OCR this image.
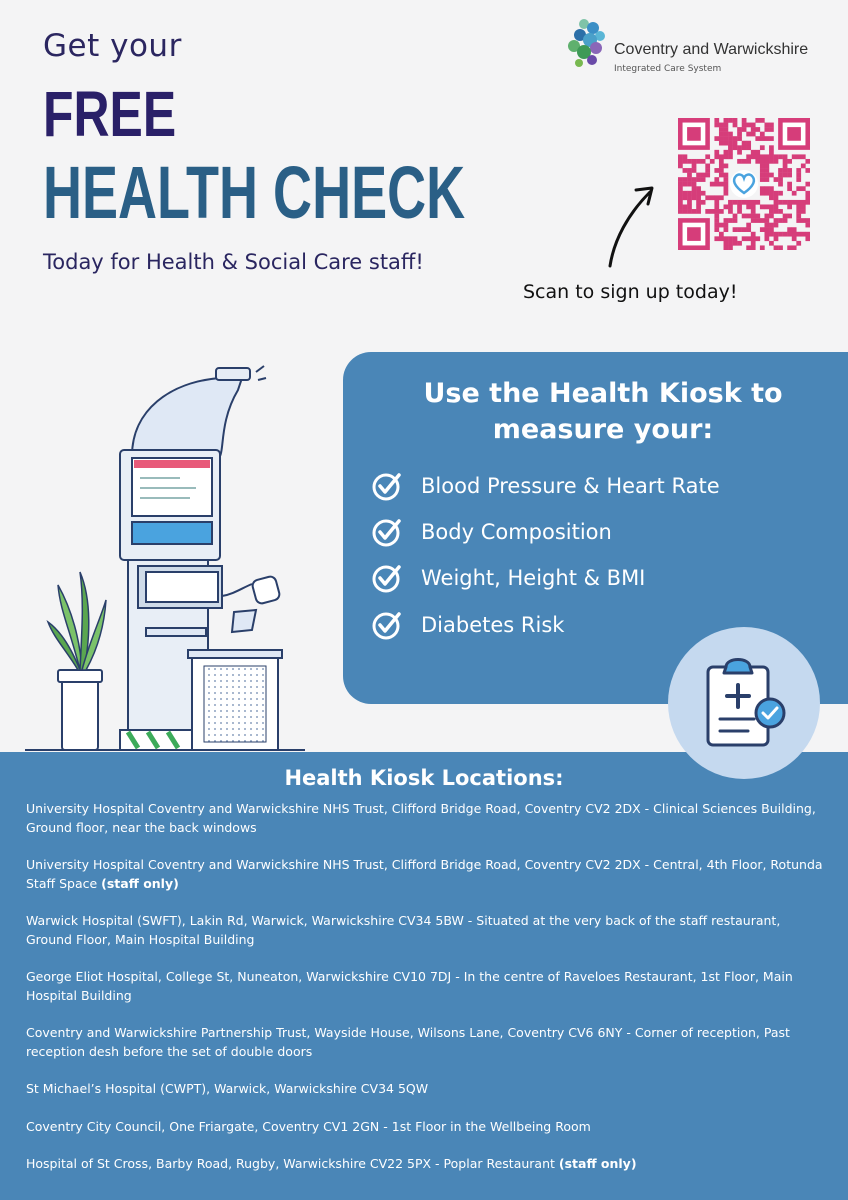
Get your
FREE
HEALTH CHECK
Today for Health & Social Care staff!
Coventry and Warwickshire
Integrated Care System
Scan to sign up today!
Use the Health Kiosk to
measure your:
Blood Pressure & Heart Rate
Body Composition
Weight, Height & BMI
Diabetes Risk
Health Kiosk Locations:
University Hospital Coventry and Warwickshire NHS Trust, Clifford Bridge Road, Coventry CV2 2DX - Clinical Sciences Building, Ground floor, near the back windows
University Hospital Coventry and Warwickshire NHS Trust, Clifford Bridge Road, Coventry CV2 2DX - Central, 4th Floor, Rotunda Staff Space (staff only)
Warwick Hospital (SWFT), Lakin Rd, Warwick, Warwickshire CV34 5BW - Situated at the very back of the staff restaurant, Ground Floor, Main Hospital Building
George Eliot Hospital, College St, Nuneaton, Warwickshire CV10 7DJ - In the centre of Raveloes Restaurant, 1st Floor, Main Hospital Building
Coventry and Warwickshire Partnership Trust, Wayside House, Wilsons Lane, Coventry CV6 6NY - Corner of reception, Past reception desh before the set of double doors
St Michael’s Hospital (CWPT), Warwick, Warwickshire CV34 5QW
Coventry City Council, One Friargate, Coventry CV1 2GN - 1st Floor in the Wellbeing Room
Hospital of St Cross, Barby Road, Rugby, Warwickshire CV22 5PX - Poplar Restaurant (staff only)
